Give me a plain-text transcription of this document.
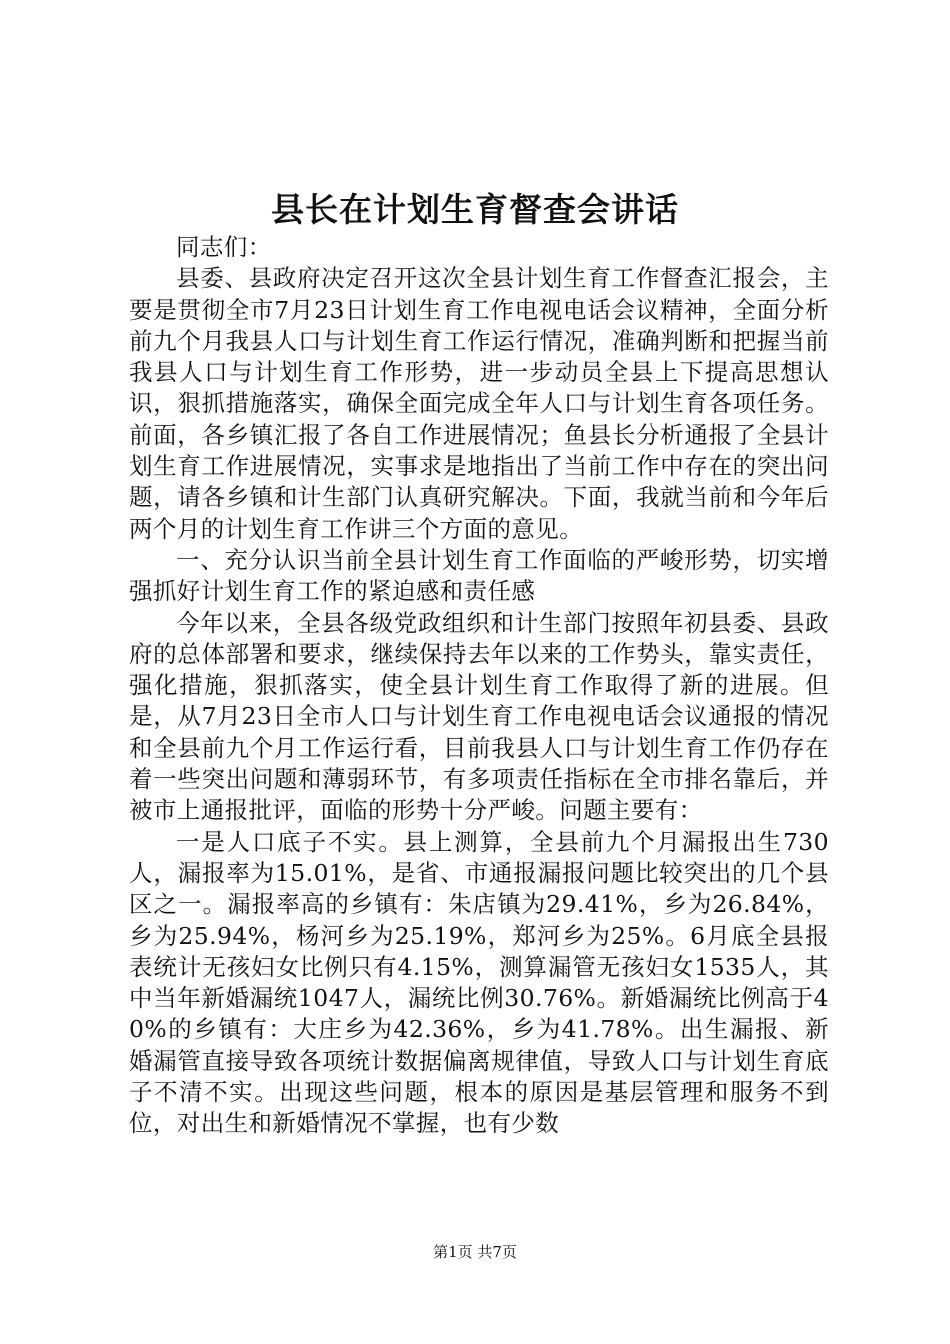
县长在计划生育督查会讲话

同志们：

县委、县政府决定召开这次全县计划生育工作督查汇报会，主要是贯彻全市7月23日计划生育工作电视电话会议精神，全面分析前九个月我县人口与计划生育工作运行情况，准确判断和把握当前我县人口与计划生育工作形势，进一步动员全县上下提高思想认识，狠抓措施落实，确保全面完成全年人口与计划生育各项任务。前面，各乡镇汇报了各自工作进展情况；鱼县长分析通报了全县计划生育工作进展情况，实事求是地指出了当前工作中存在的突出问题，请各乡镇和计生部门认真研究解决。下面，我就当前和今年后两个月的计划生育工作讲三个方面的意见。

一、充分认识当前全县计划生育工作面临的严峻形势，切实增强抓好计划生育工作的紧迫感和责任感

今年以来，全县各级党政组织和计生部门按照年初县委、县政府的总体部署和要求，继续保持去年以来的工作势头，靠实责任，强化措施，狠抓落实，使全县计划生育工作取得了新的进展。但是，从7月23日全市人口与计划生育工作电视电话会议通报的情况和全县前九个月工作运行看，目前我县人口与计划生育工作仍存在着一些突出问题和薄弱环节，有多项责任指标在全市排名靠后，并被市上通报批评，面临的形势十分严峻。问题主要有：

一是人口底子不实。县上测算，全县前九个月漏报出生730人，漏报率为15.01%，是省、市通报漏报问题比较突出的几个县区之一。漏报率高的乡镇有：朱店镇为29.41%，乡为26.84%，乡为25.94%，杨河乡为25.19%，郑河乡为25%。6月底全县报表统计无孩妇女比例只有4.15%，测算漏管无孩妇女1535人，其中当年新婚漏统1047人，漏统比例30.76%。新婚漏统比例高于40%的乡镇有：大庄乡为42.36%，乡为41.78%。出生漏报、新婚漏管直接导致各项统计数据偏离规律值，导致人口与计划生育底子不清不实。出现这些问题，根本的原因是基层管理和服务不到位，对出生和新婚情况不掌握，也有少数

第1页 共7页
